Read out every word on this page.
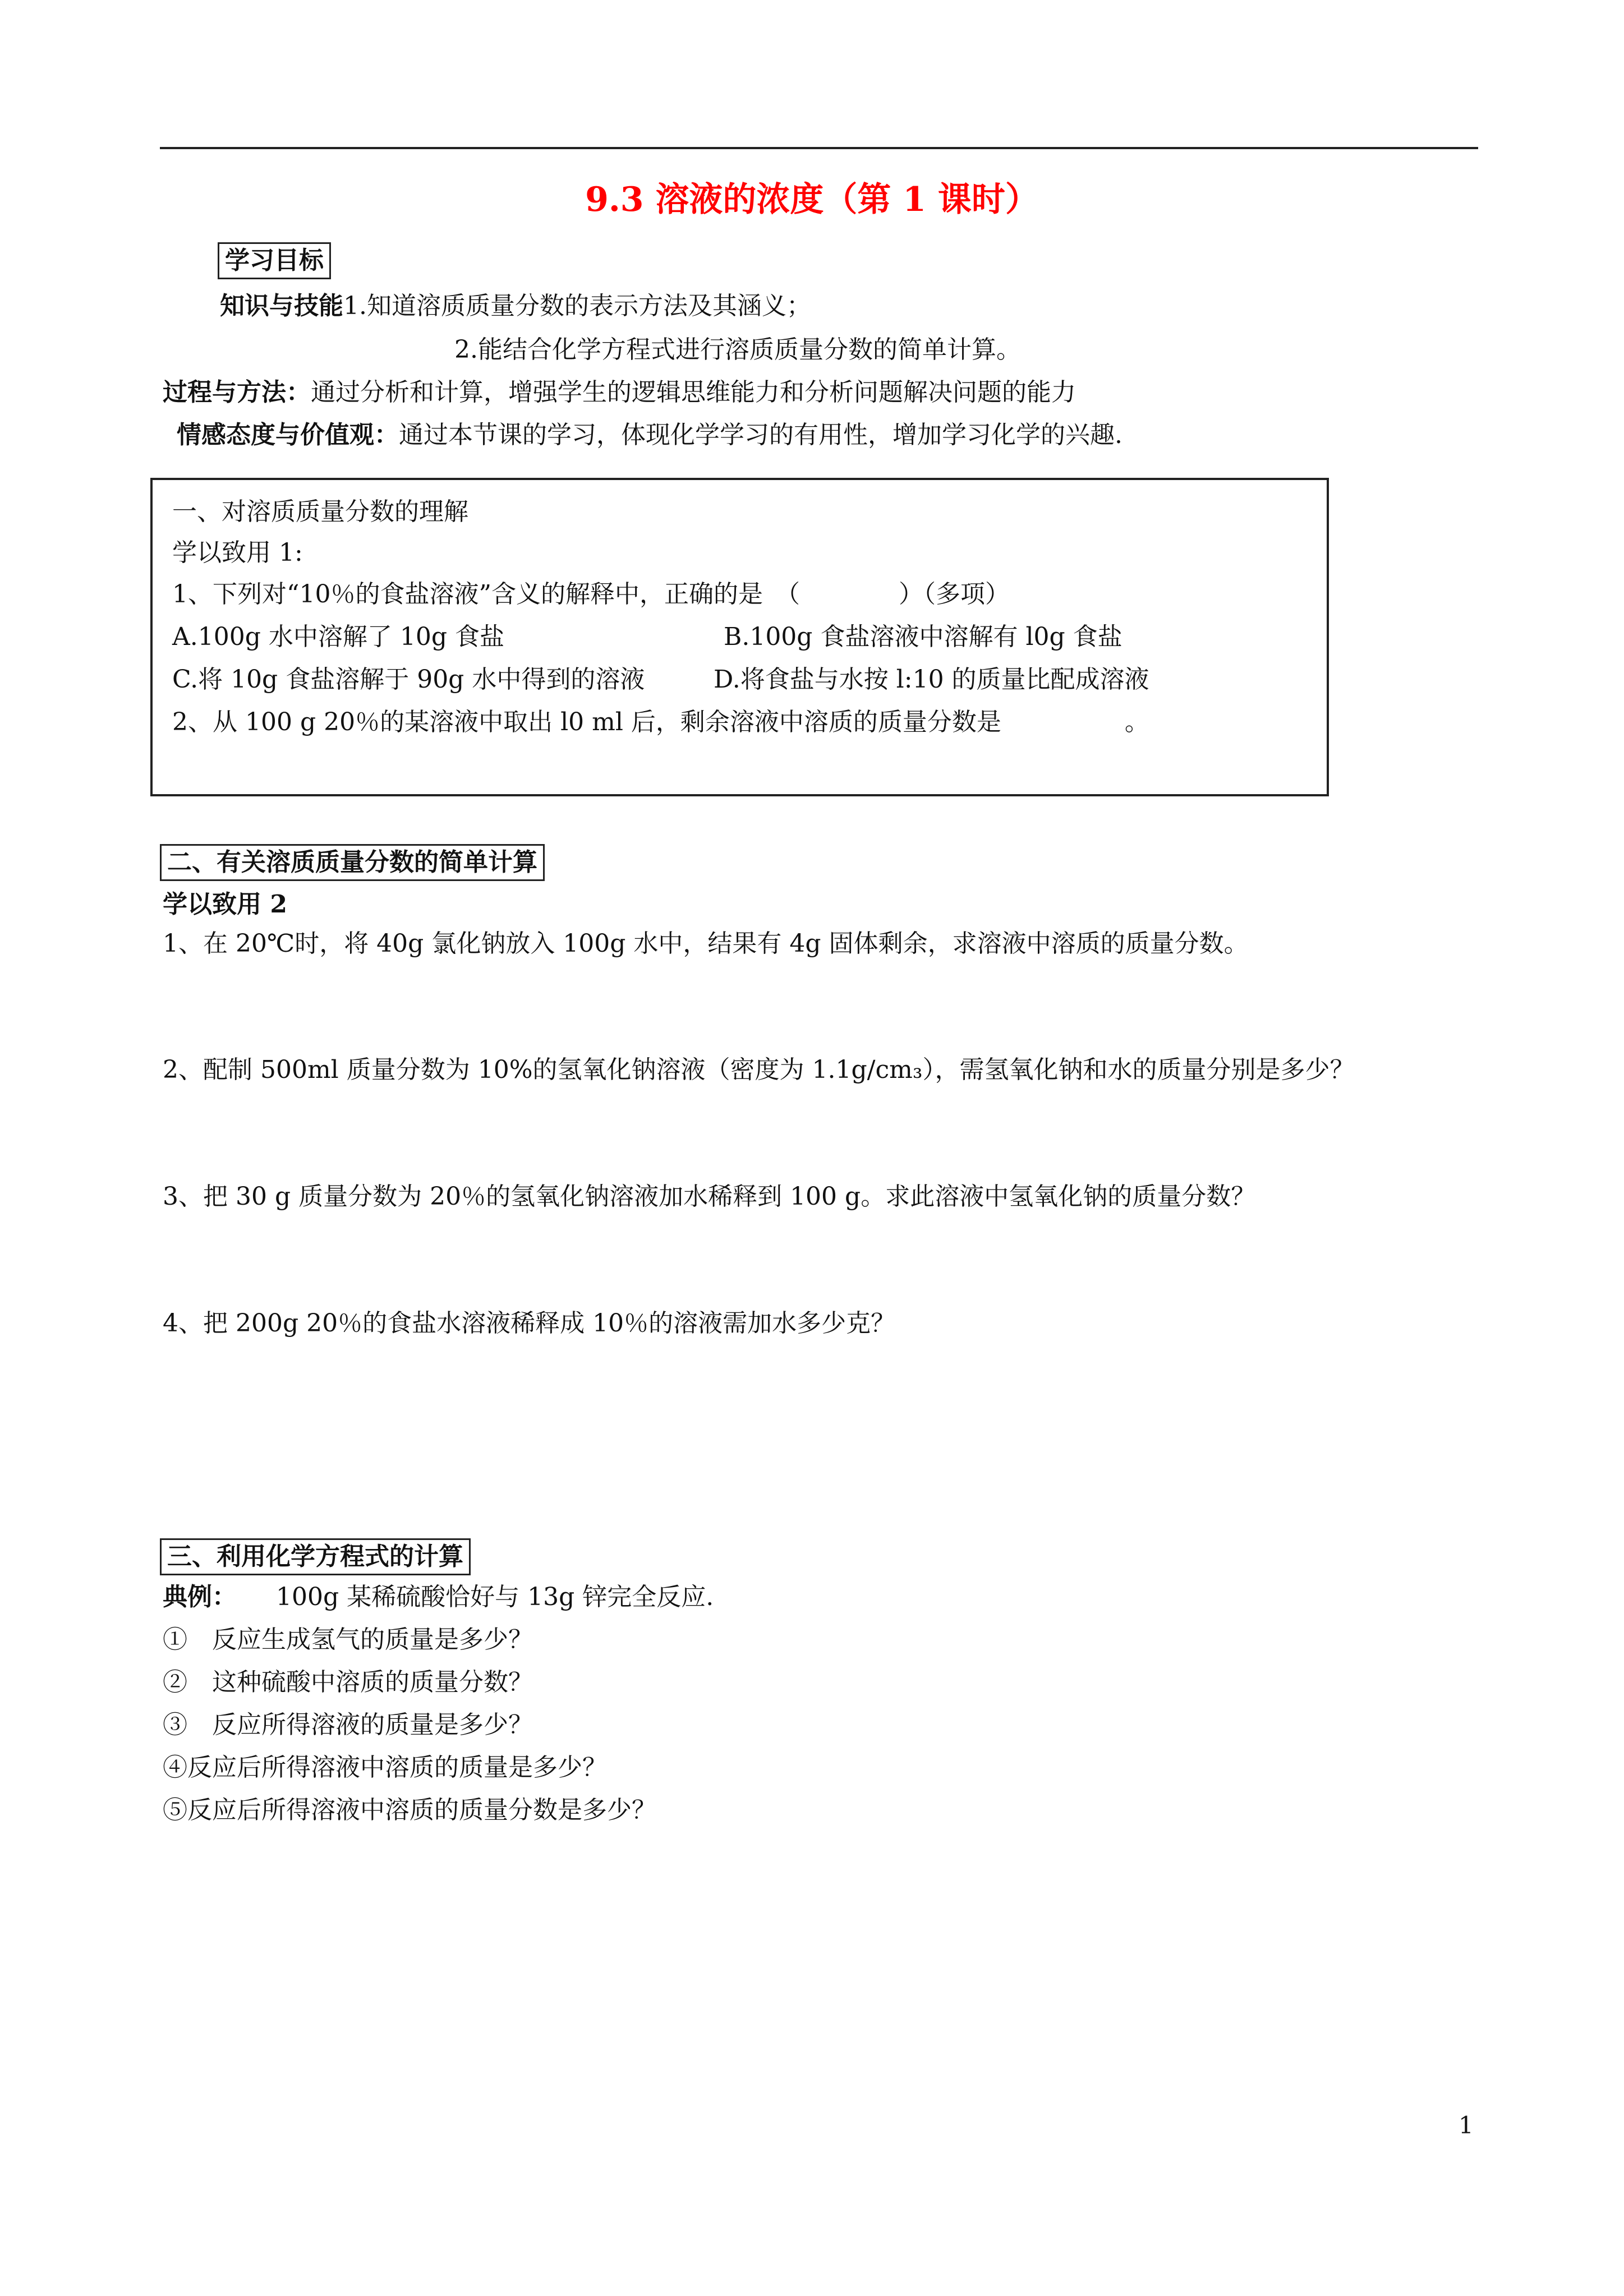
9.3 溶液的浓度（第 1 课时）
学习目标
知识与技能1.知道溶质质量分数的表示方法及其涵义；
2.能结合化学方程式进行溶质质量分数的简单计算。
过程与方法：通过分析和计算，增强学生的逻辑思维能力和分析问题解决问题的能力
情感态度与价值观：通过本节课的学习，体现化学学习的有用性，增加学习化学的兴趣.
一、对溶质质量分数的理解
学以致用 1:
1、下列对“10％的食盐溶液”含义的解释中，正确的是　（　　　　）（多项）
A.100g 水中溶解了 10g 食盐	B.100g 食盐溶液中溶解有 l0g 食盐
C.将 10g 食盐溶解于 90g 水中得到的溶液	D.将食盐与水按 l:10 的质量比配成溶液
2、从 100 g 20％的某溶液中取出 l0 ml 后，剩余溶液中溶质的质量分数是　　　　　。
二、有关溶质质量分数的简单计算
学以致用 2
1、在 20℃时，将 40g 氯化钠放入 100g 水中，结果有 4g 固体剩余，求溶液中溶质的质量分数。
2、配制 500ml 质量分数为 10%的氢氧化钠溶液（密度为 1.1g/cm₃），需氢氧化钠和水的质量分别是多少？
3、把 30 g 质量分数为 20％的氢氧化钠溶液加水稀释到 100 g。求此溶液中氢氧化钠的质量分数？
4、把 200g 20％的食盐水溶液稀释成 10％的溶液需加水多少克？
三、利用化学方程式的计算
典例： 100g 某稀硫酸恰好与 13g 锌完全反应.
①　反应生成氢气的质量是多少？
②　这种硫酸中溶质的质量分数？
③　反应所得溶液的质量是多少？
④反应后所得溶液中溶质的质量是多少？
⑤反应后所得溶液中溶质的质量分数是多少？
1
